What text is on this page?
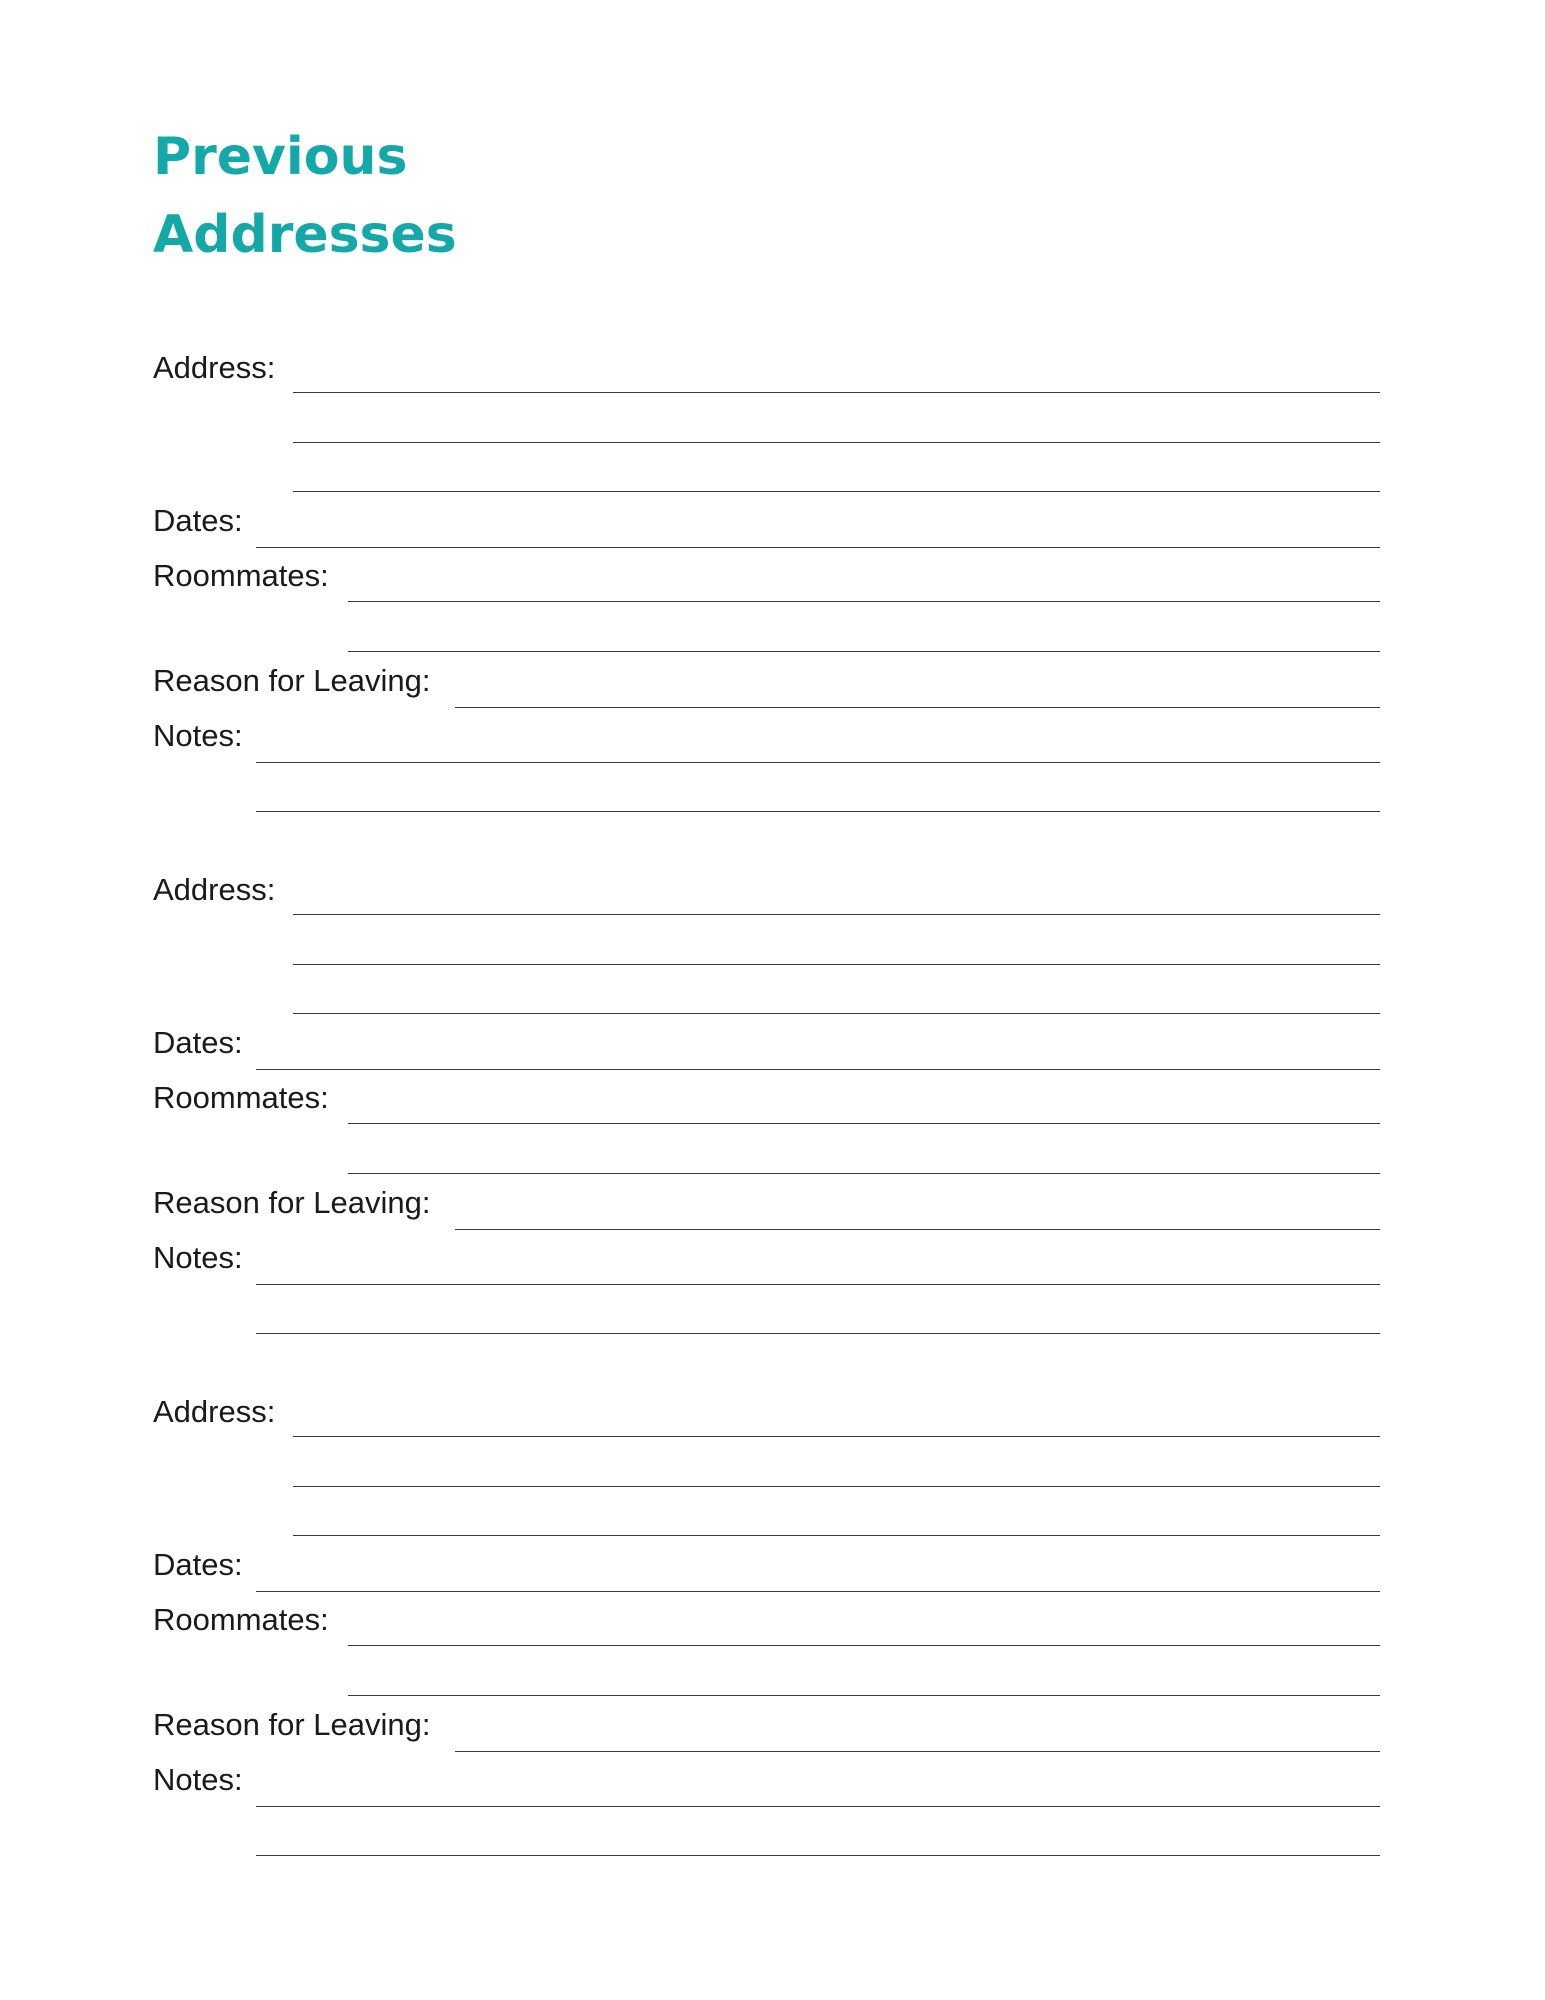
Previous
Addresses
Address:
Dates:
Roommates:
Reason for Leaving:
Notes:
Address:
Dates:
Roommates:
Reason for Leaving:
Notes:
Address:
Dates:
Roommates:
Reason for Leaving:
Notes:
